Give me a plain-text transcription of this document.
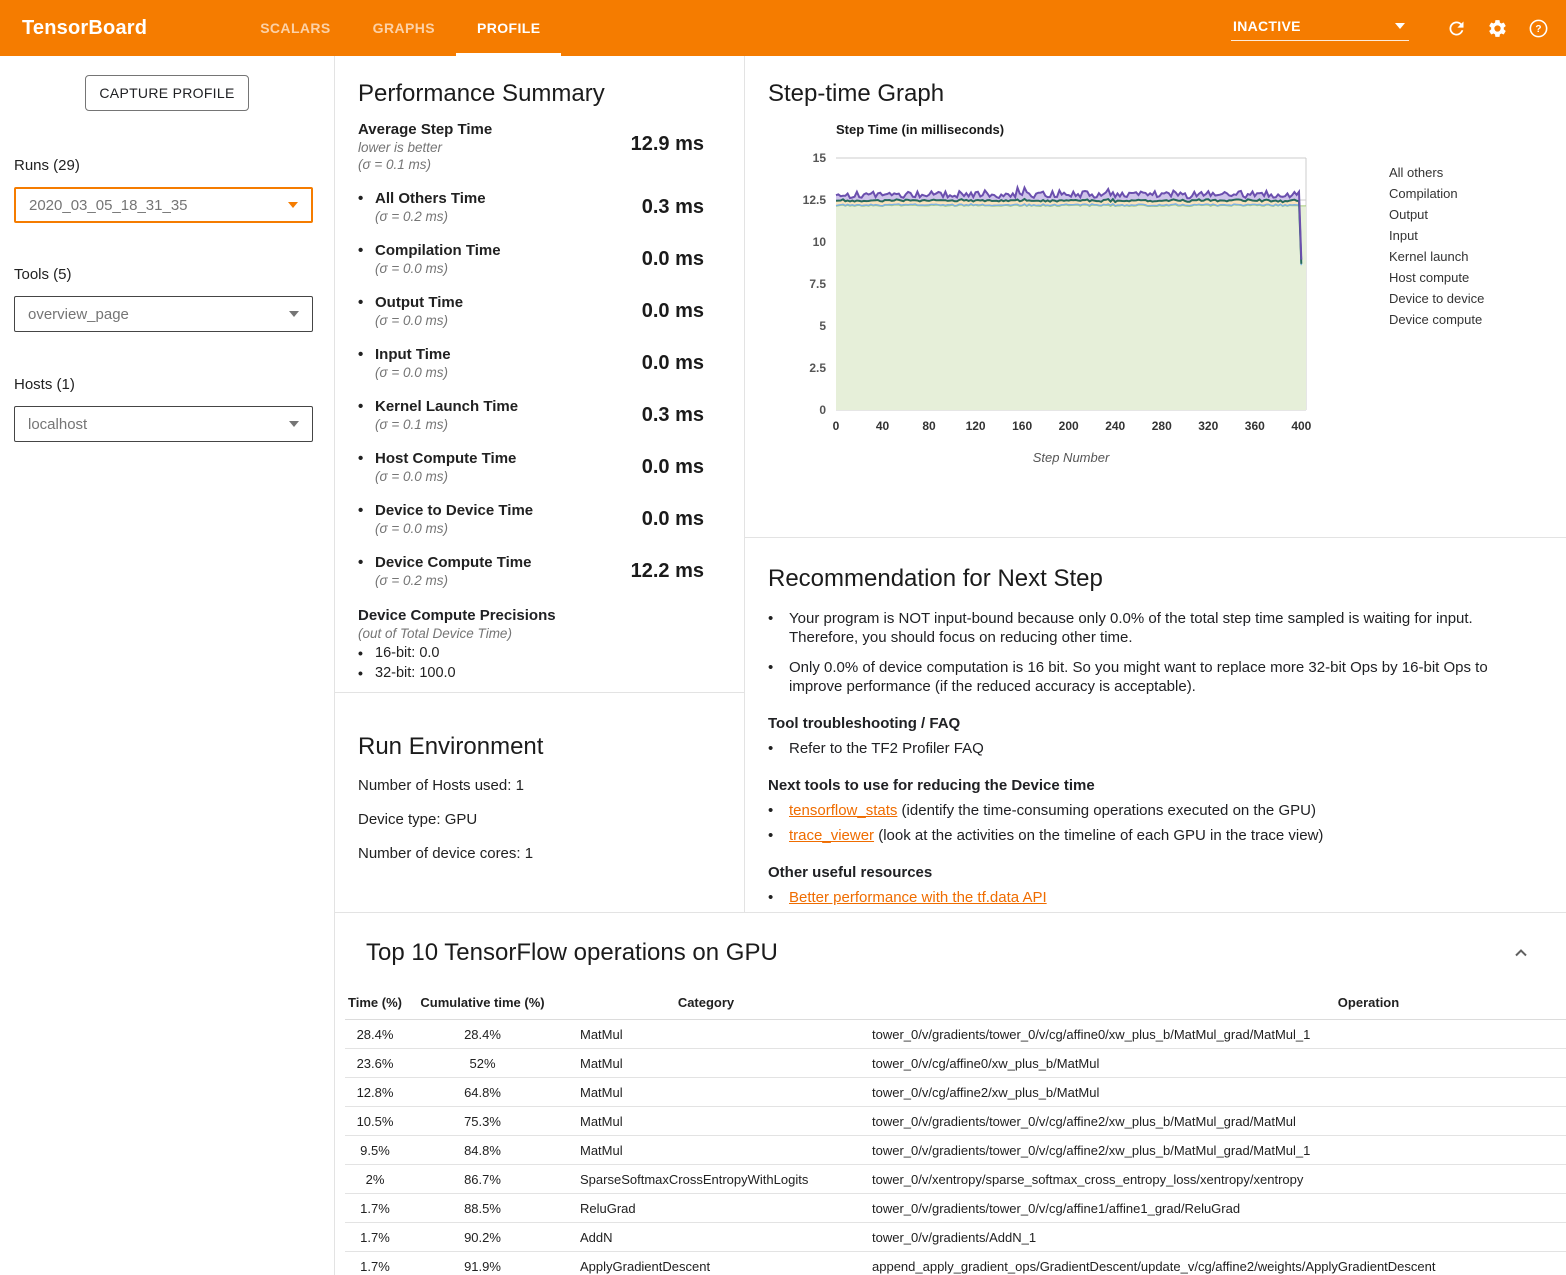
TensorBoard	SCALARS	GRAPHS	PROFILE	INACTIVE	?
CAPTURE PROFILE
Runs (29)
2020_03_05_18_31_35
Tools (5)
overview_page
Hosts (1)
localhost
Performance Summary
Average Step Time
lower is better
(σ = 0.1 ms)
12.9 ms
• All Others Time
(σ = 0.2 ms)	0.3 ms
• Compilation Time
(σ = 0.0 ms)	0.0 ms
• Output Time
(σ = 0.0 ms)	0.0 ms
• Input Time
(σ = 0.0 ms)	0.0 ms
• Kernel Launch Time
(σ = 0.1 ms)	0.3 ms
• Host Compute Time
(σ = 0.0 ms)	0.0 ms
• Device to Device Time
(σ = 0.0 ms)	0.0 ms
• Device Compute Time
(σ = 0.2 ms)	12.2 ms
Device Compute Precisions
(out of Total Device Time)
• 16-bit: 0.0
• 32-bit: 100.0
Run Environment
Number of Hosts used: 1
Device type: GPU
Number of device cores: 1
Step-time Graph
0
2.5
5
7.5
10
12.5
15
0	40	80 120 160 200 240 280 320 360 400
Step Time (in milliseconds)
Step Number
All others
Compilation
Output
Input
Kernel launch
Host compute
Device to device
Device compute
Recommendation for Next Step
•	Your program is NOT input-bound because only 0.0% of the total step time sampled is waiting for input. Therefore, you should focus on reducing other time.
•	Only 0.0% of device computation is 16 bit. So you might want to replace more 32-bit Ops by 16-bit Ops to improve performance (if the reduced accuracy is acceptable).
Tool troubleshooting / FAQ
•	Refer to the TF2 Profiler FAQ
Next tools to use for reducing the Device time
•	tensorflow_stats (identify the time-consuming operations executed on the GPU)
•	trace_viewer (look at the activities on the timeline of each GPU in the trace view)
Other useful resources
•	Better performance with the tf.data API
Top 10 TensorFlow operations on GPU
Time (%)	Cumulative time (%)	Category	Operation
28.4%	28.4%	MatMul	tower_0/v/gradients/tower_0/v/cg/affine0/xw_plus_b/MatMul_grad/MatMul_1
23.6%	52%	MatMul	tower_0/v/cg/affine0/xw_plus_b/MatMul
12.8%	64.8%	MatMul	tower_0/v/cg/affine2/xw_plus_b/MatMul
10.5%	75.3%	MatMul	tower_0/v/gradients/tower_0/v/cg/affine2/xw_plus_b/MatMul_grad/MatMul
9.5%	84.8%	MatMul	tower_0/v/gradients/tower_0/v/cg/affine2/xw_plus_b/MatMul_grad/MatMul_1
2%	86.7%	SparseSoftmaxCrossEntropyWithLogits	tower_0/v/xentropy/sparse_softmax_cross_entropy_loss/xentropy/xentropy
1.7%	88.5%	ReluGrad	tower_0/v/gradients/tower_0/v/cg/affine1/affine1_grad/ReluGrad
1.7%	90.2%	AddN	tower_0/v/gradients/AddN_1
1.7%	91.9%	ApplyGradientDescent	append_apply_gradient_ops/GradientDescent/update_v/cg/affine2/weights/ApplyGradientDescent
